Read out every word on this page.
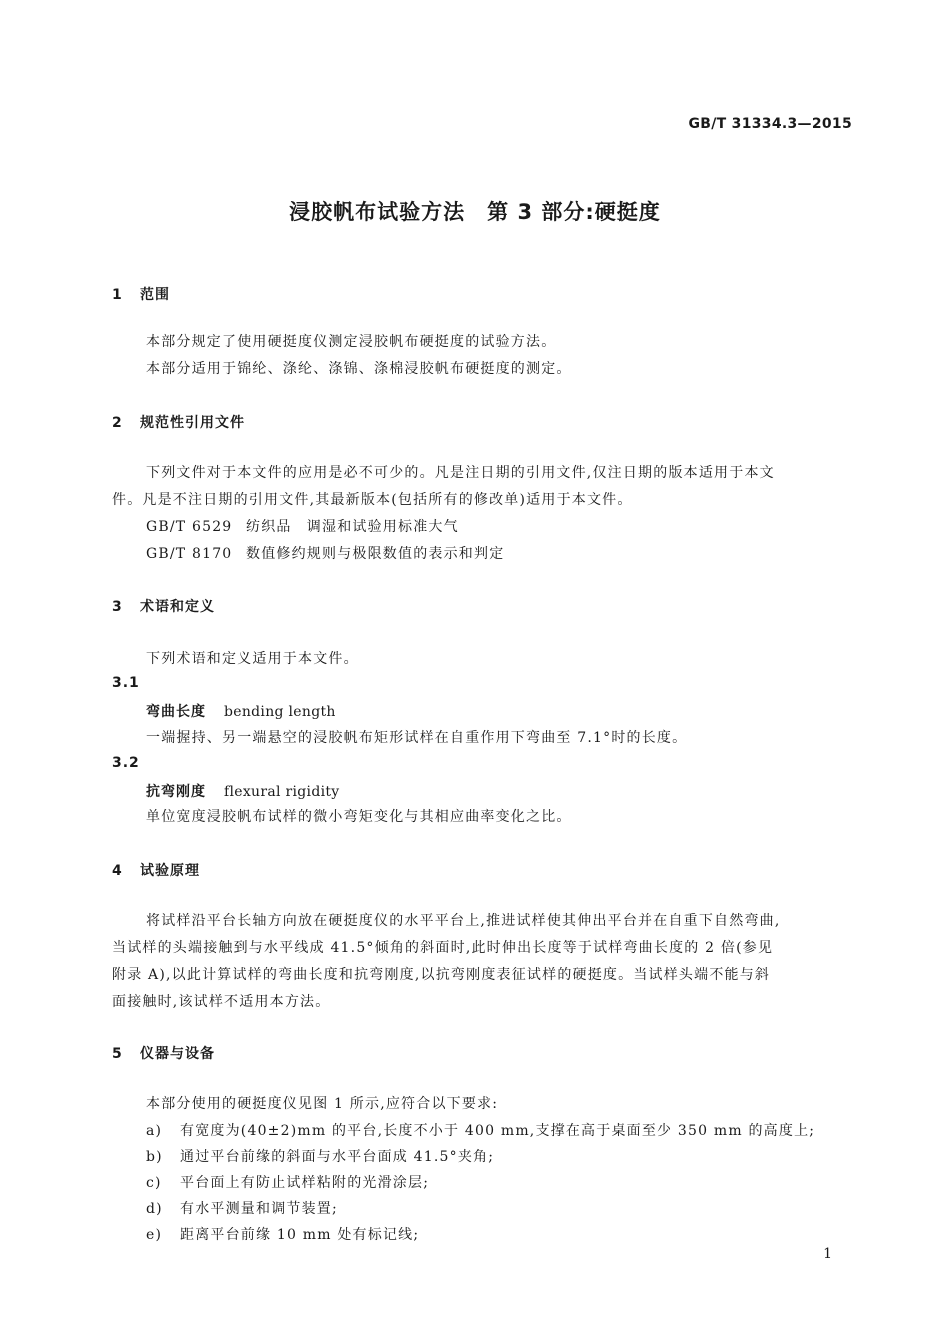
GB/T 31334.3—2015
浸胶帆布试验方法　第 3 部分:硬挺度
1 范围
本部分规定了使用硬挺度仪测定浸胶帆布硬挺度的试验方法。
本部分适用于锦纶、涤纶、涤锦、涤棉浸胶帆布硬挺度的测定。
2 规范性引用文件
下列文件对于本文件的应用是必不可少的。凡是注日期的引用文件,仅注日期的版本适用于本文
件。凡是不注日期的引用文件,其最新版本(包括所有的修改单)适用于本文件。
GB/T 6529 纺织品　调湿和试验用标准大气
GB/T 8170 数值修约规则与极限数值的表示和判定
3 术语和定义
下列术语和定义适用于本文件。
3.1
弯曲长度 bending length
一端握持、另一端悬空的浸胶帆布矩形试样在自重作用下弯曲至 7.1°时的长度。
3.2
抗弯刚度 flexural rigidity
单位宽度浸胶帆布试样的微小弯矩变化与其相应曲率变化之比。
4 试验原理
将试样沿平台长轴方向放在硬挺度仪的水平平台上,推进试样使其伸出平台并在自重下自然弯曲,
当试样的头端接触到与水平线成 41.5°倾角的斜面时,此时伸出长度等于试样弯曲长度的 2 倍(参见
附录 A),以此计算试样的弯曲长度和抗弯刚度,以抗弯刚度表征试样的硬挺度。当试样头端不能与斜
面接触时,该试样不适用本方法。
5 仪器与设备
本部分使用的硬挺度仪见图 1 所示,应符合以下要求:
a) 有宽度为(40±2)mm 的平台,长度不小于 400 mm,支撑在高于桌面至少 350 mm 的高度上;
b) 通过平台前缘的斜面与水平台面成 41.5°夹角;
c) 平台面上有防止试样粘附的光滑涂层;
d) 有水平测量和调节装置;
e) 距离平台前缘 10 mm 处有标记线;
1
